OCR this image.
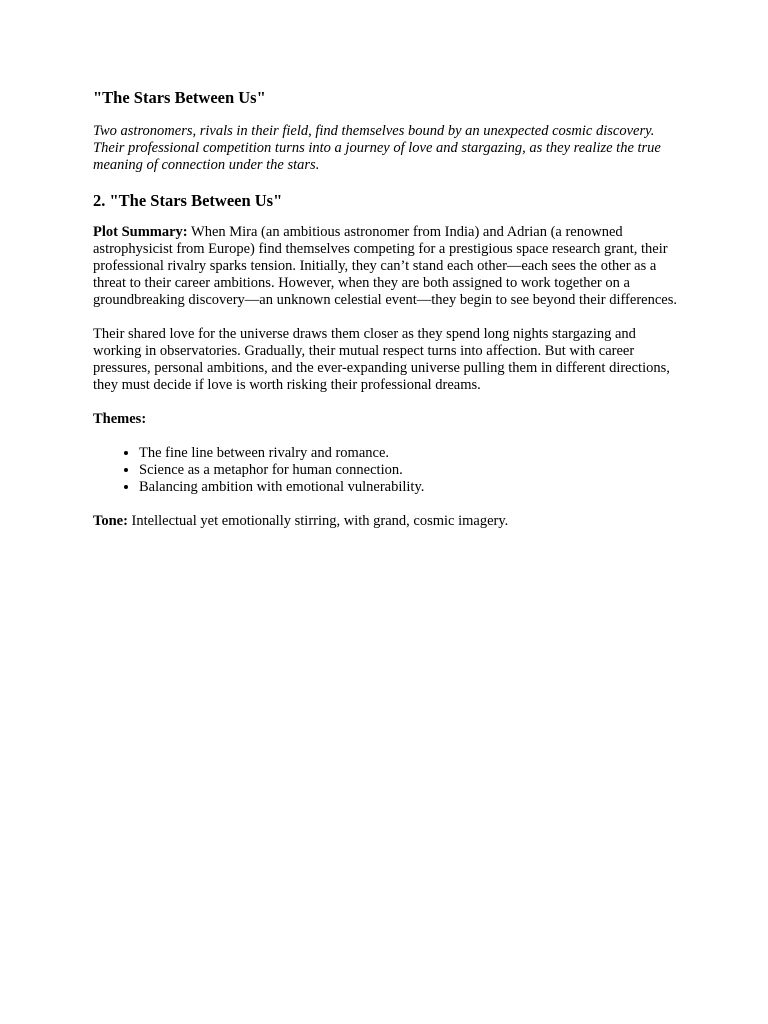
"The Stars Between Us"

Two astronomers, rivals in their field, find themselves bound by an unexpected cosmic discovery. Their professional competition turns into a journey of love and stargazing, as they realize the true meaning of connection under the stars.

2. "The Stars Between Us"

Plot Summary: When Mira (an ambitious astronomer from India) and Adrian (a renowned astrophysicist from Europe) find themselves competing for a prestigious space research grant, their professional rivalry sparks tension. Initially, they can’t stand each other—each sees the other as a threat to their career ambitions. However, when they are both assigned to work together on a groundbreaking discovery—an unknown celestial event—they begin to see beyond their differences.

Their shared love for the universe draws them closer as they spend long nights stargazing and working in observatories. Gradually, their mutual respect turns into affection. But with career pressures, personal ambitions, and the ever-expanding universe pulling them in different directions, they must decide if love is worth risking their professional dreams.

Themes:

• The fine line between rivalry and romance.
• Science as a metaphor for human connection.
• Balancing ambition with emotional vulnerability.

Tone: Intellectual yet emotionally stirring, with grand, cosmic imagery.
